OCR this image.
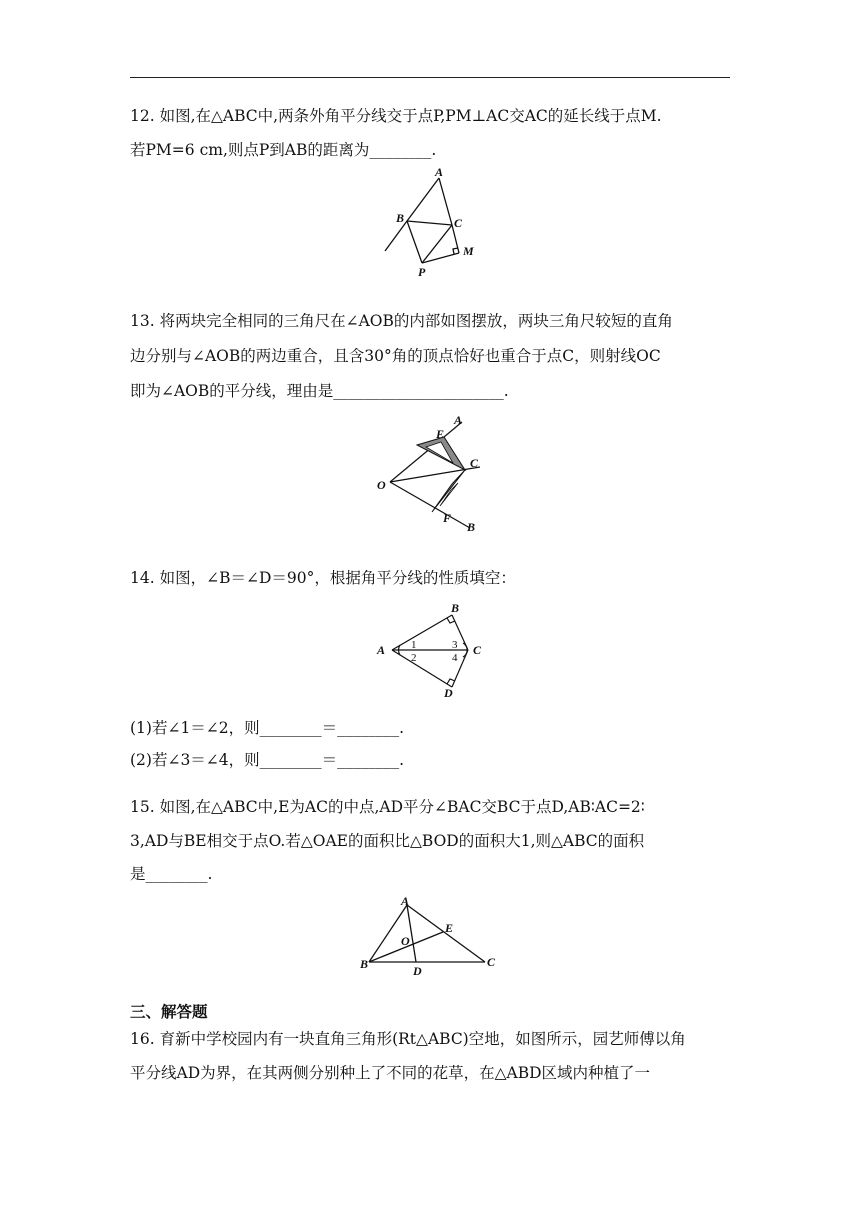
12. 如图,在△ABC中,两条外角平分线交于点P,PM⊥AC交AC的延长线于点M.
若PM=6 cm,则点P到AB的距离为________.
A
B	C
M
P
13. 将两块完全相同的三角尺在∠AOB的内部如图摆放，两块三角尺较短的直角
边分别与∠AOB的两边重合，且含30°角的顶点恰好也重合于点C，则射线OC
即为∠AOB的平分线，理由是______________________.
A
E
C
O
F
B
14. 如图，∠B＝∠D＝90°，根据角平分线的性质填空：
A
B
C
D
1
2
3
4
(1)若∠1＝∠2，则________＝________.
(2)若∠3＝∠4，则________＝________.
15. 如图,在△ABC中,E为AC的中点,AD平分∠BAC交BC于点D,AB∶AC=2∶
3,AD与BE相交于点O.若△OAE的面积比△BOD的面积大1,则△ABC的面积
是________.
A
E
O
B	D
C
三、解答题
16. 育新中学校园内有一块直角三角形(Rt△ABC)空地，如图所示，园艺师傅以角
平分线AD为界，在其两侧分别种上了不同的花草，在△ABD区域内种植了一
